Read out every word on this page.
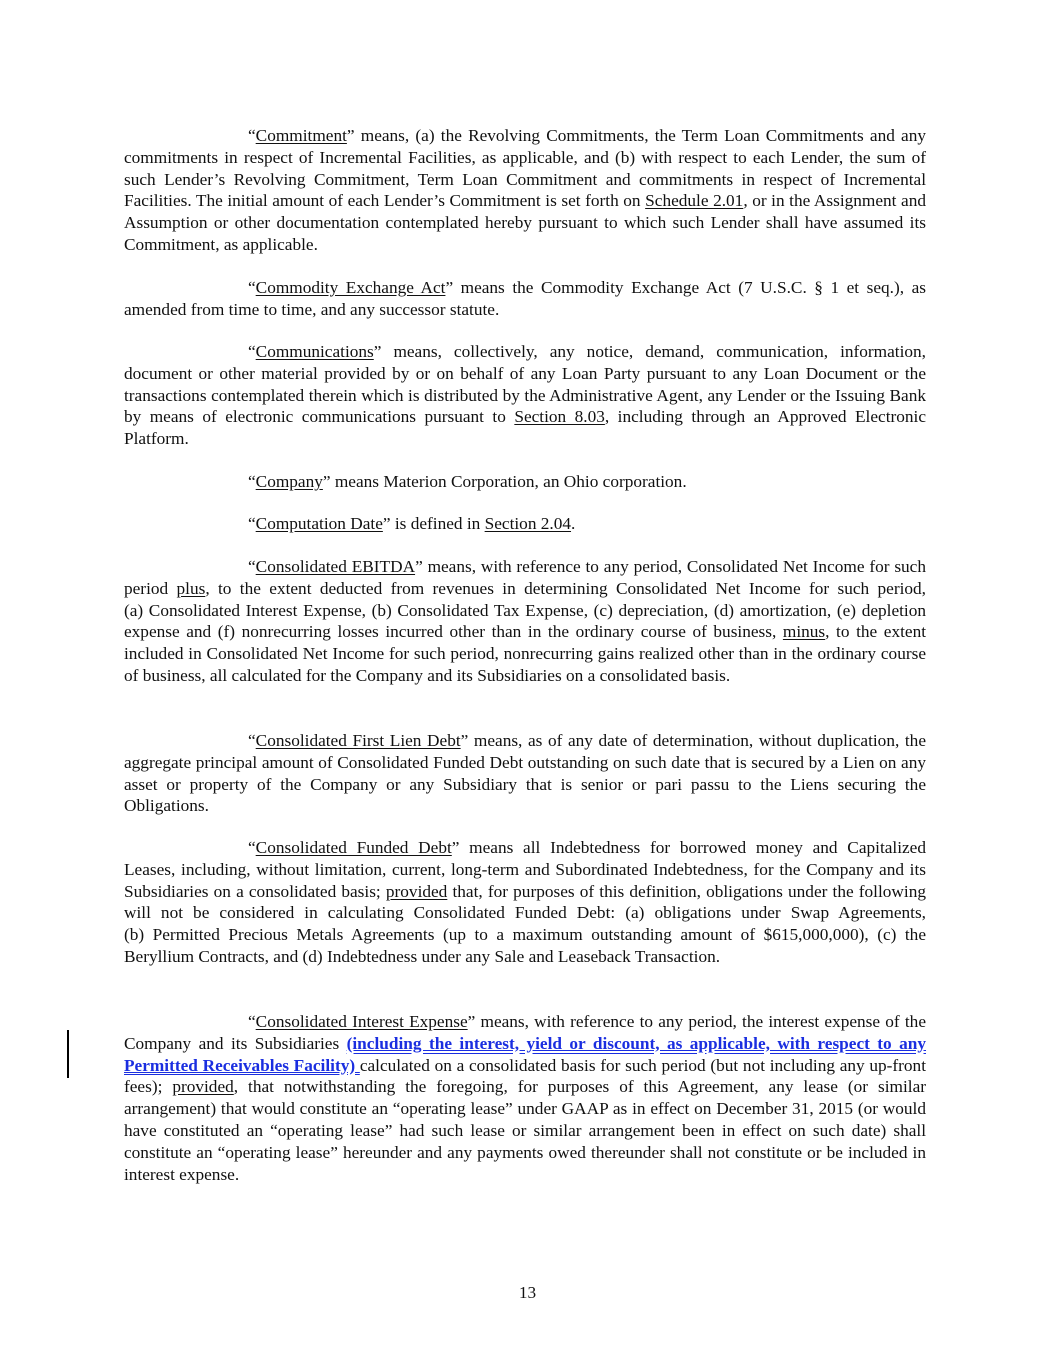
“Commitment” means, (a) the Revolving Commitments, the Term Loan Commitments and any commitments in respect of Incremental Facilities, as applicable, and (b) with respect to each Lender, the sum of such Lender’s Revolving Commitment, Term Loan Commitment and commitments in respect of Incremental Facilities. The initial amount of each Lender’s Commitment is set forth on Schedule 2.01, or in the Assignment and Assumption or other documentation contemplated hereby pursuant to which such Lender shall have assumed its Commitment, as applicable.

“Commodity Exchange Act” means the Commodity Exchange Act (7 U.S.C. § 1 et seq.), as amended from time to time, and any successor statute.

“Communications” means, collectively, any notice, demand, communication, information, document or other material provided by or on behalf of any Loan Party pursuant to any Loan Document or the transactions contemplated therein which is distributed by the Administrative Agent, any Lender or the Issuing Bank by means of electronic communications pursuant to Section 8.03, including through an Approved Electronic Platform.

“Company” means Materion Corporation, an Ohio corporation.

“Computation Date” is defined in Section 2.04.

“Consolidated EBITDA” means, with reference to any period, Consolidated Net Income for such period plus, to the extent deducted from revenues in determining Consolidated Net Income for such period, (a) Consolidated Interest Expense, (b) Consolidated Tax Expense, (c) depreciation, (d) amortization, (e) depletion expense and (f) nonrecurring losses incurred other than in the ordinary course of business, minus, to the extent included in Consolidated Net Income for such period, nonrecurring gains realized other than in the ordinary course of business, all calculated for the Company and its Subsidiaries on a consolidated basis.

“Consolidated First Lien Debt” means, as of any date of determination, without duplication, the aggregate principal amount of Consolidated Funded Debt outstanding on such date that is secured by a Lien on any asset or property of the Company or any Subsidiary that is senior or pari passu to the Liens securing the Obligations.

“Consolidated Funded Debt” means all Indebtedness for borrowed money and Capitalized Leases, including, without limitation, current, long-term and Subordinated Indebtedness, for the Company and its Subsidiaries on a consolidated basis; provided that, for purposes of this definition, obligations under the following will not be considered in calculating Consolidated Funded Debt: (a) obligations under Swap Agreements, (b) Permitted Precious Metals Agreements (up to a maximum outstanding amount of $615,000,000), (c) the Beryllium Contracts, and (d) Indebtedness under any Sale and Leaseback Transaction.

“Consolidated Interest Expense” means, with reference to any period, the interest expense of the Company and its Subsidiaries (including the interest, yield or discount, as applicable, with respect to any Permitted Receivables Facility) calculated on a consolidated basis for such period (but not including any up-front fees); provided, that notwithstanding the foregoing, for purposes of this Agreement, any lease (or similar arrangement) that would constitute an “operating lease” under GAAP as in effect on December 31, 2015 (or would have constituted an “operating lease” had such lease or similar arrangement been in effect on such date) shall constitute an “operating lease” hereunder and any payments owed thereunder shall not constitute or be included in interest expense.

13
